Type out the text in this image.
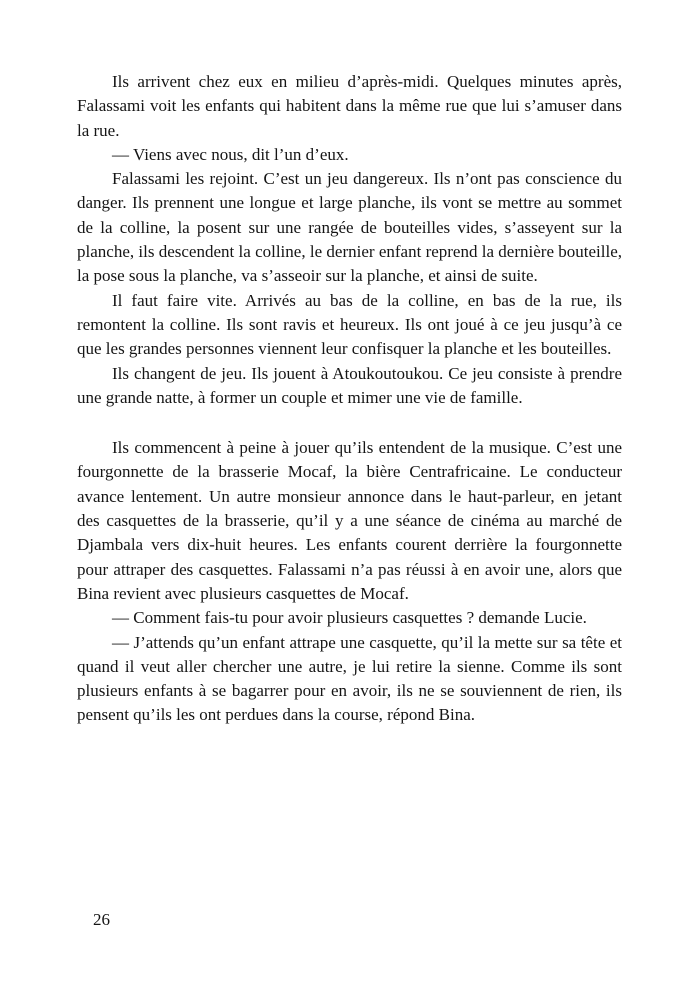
Ils arrivent chez eux en milieu d’après-midi. Quelques minutes après, Falassami voit les enfants qui habitent dans la même rue que lui s’amuser dans la rue.

— Viens avec nous, dit l’un d’eux.

Falassami les rejoint. C’est un jeu dangereux. Ils n’ont pas conscience du danger. Ils prennent une longue et large planche, ils vont se mettre au sommet de la colline, la posent sur une rangée de bouteilles vides, s’asseyent sur la planche, ils descendent la colline, le dernier enfant reprend la dernière bouteille, la pose sous la planche, va s’asseoir sur la planche, et ainsi de suite.

Il faut faire vite. Arrivés au bas de la colline, en bas de la rue, ils remontent la colline. Ils sont ravis et heureux. Ils ont joué à ce jeu jusqu’à ce que les grandes personnes viennent leur confisquer la planche et les bouteilles.

Ils changent de jeu. Ils jouent à Atoukoutoukou. Ce jeu consiste à prendre une grande natte, à former un couple et mimer une vie de famille.

Ils commencent à peine à jouer qu’ils entendent de la musique. C’est une fourgonnette de la brasserie Mocaf, la bière Centrafricaine. Le conducteur avance lentement. Un autre monsieur annonce dans le haut-parleur, en jetant des casquettes de la brasserie, qu’il y a une séance de cinéma au marché de Djambala vers dix-huit heures. Les enfants courent derrière la fourgonnette pour attraper des casquettes. Falassami n’a pas réussi à en avoir une, alors que Bina revient avec plusieurs casquettes de Mocaf.

— Comment fais-tu pour avoir plusieurs casquettes ? demande Lucie.

— J’attends qu’un enfant attrape une casquette, qu’il la mette sur sa tête et quand il veut aller chercher une autre, je lui retire la sienne. Comme ils sont plusieurs enfants à se bagarrer pour en avoir, ils ne se souviennent de rien, ils pensent qu’ils les ont perdues dans la course, répond Bina.

26
